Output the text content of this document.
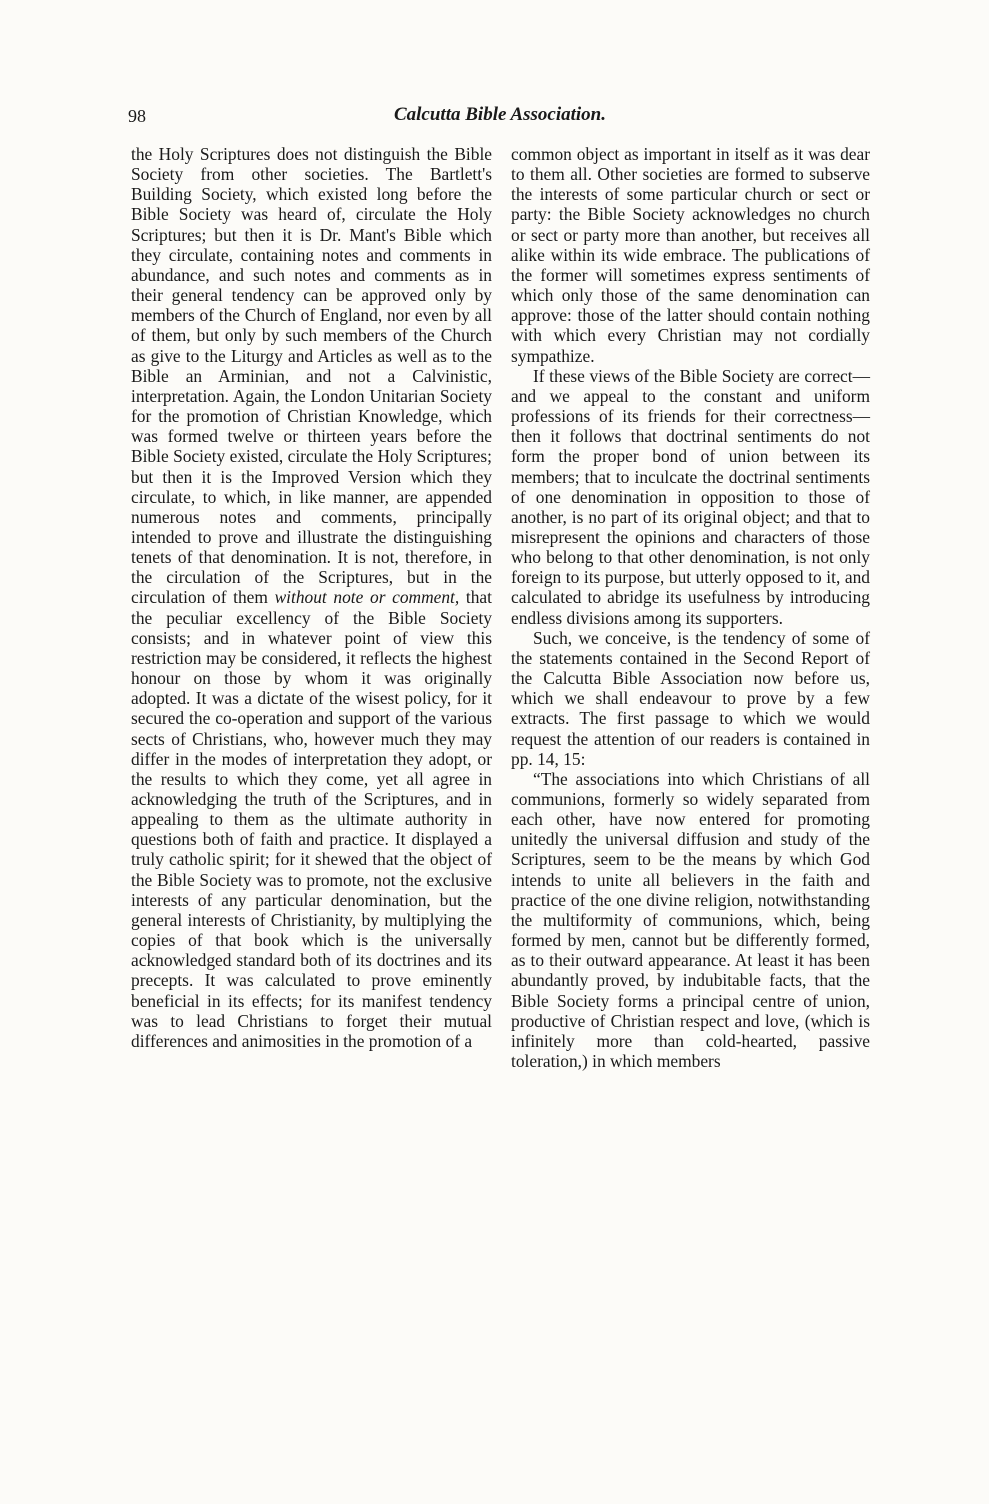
98	Calcutta Bible Association.

the Holy Scriptures does not distinguish the Bible Society from other societies. The Bartlett's Building Society, which existed long before the Bible Society was heard of, circulate the Holy Scriptures; but then it is Dr. Mant's Bible which they circulate, containing notes and comments in abundance, and such notes and comments as in their general tendency can be approved only by members of the Church of England, nor even by all of them, but only by such members of the Church as give to the Liturgy and Articles as well as to the Bible an Arminian, and not a Calvinistic, interpretation. Again, the London Unitarian Society for the promotion of Christian Knowledge, which was formed twelve or thirteen years before the Bible Society existed, circulate the Holy Scriptures; but then it is the Improved Version which they circulate, to which, in like manner, are appended numerous notes and comments, principally intended to prove and illustrate the distinguishing tenets of that denomination. It is not, therefore, in the circulation of the Scriptures, but in the circulation of them without note or comment, that the peculiar excellency of the Bible Society consists; and in whatever point of view this restriction may be considered, it reflects the highest honour on those by whom it was originally adopted. It was a dictate of the wisest policy, for it secured the co-operation and support of the various sects of Christians, who, however much they may differ in the modes of interpretation they adopt, or the results to which they come, yet all agree in acknowledging the truth of the Scriptures, and in appealing to them as the ultimate authority in questions both of faith and practice. It displayed a truly catholic spirit; for it shewed that the object of the Bible Society was to promote, not the exclusive interests of any particular denomination, but the general interests of Christianity, by multiplying the copies of that book which is the universally acknowledged standard both of its doctrines and its precepts. It was calculated to prove eminently beneficial in its effects; for its manifest tendency was to lead Christians to forget their mutual differences and animosities in the promotion of a

common object as important in itself as it was dear to them all. Other societies are formed to subserve the interests of some particular church or sect or party: the Bible Society acknowledges no church or sect or party more than another, but receives all alike within its wide embrace. The publications of the former will sometimes express sentiments of which only those of the same denomination can approve: those of the latter should contain nothing with which every Christian may not cordially sympathize.

If these views of the Bible Society are correct—and we appeal to the constant and uniform professions of its friends for their correctness—then it follows that doctrinal sentiments do not form the proper bond of union between its members; that to inculcate the doctrinal sentiments of one denomination in opposition to those of another, is no part of its original object; and that to misrepresent the opinions and characters of those who belong to that other denomination, is not only foreign to its purpose, but utterly opposed to it, and calculated to abridge its usefulness by introducing endless divisions among its supporters.

Such, we conceive, is the tendency of some of the statements contained in the Second Report of the Calcutta Bible Association now before us, which we shall endeavour to prove by a few extracts. The first passage to which we would request the attention of our readers is contained in pp. 14, 15:

“The associations into which Christians of all communions, formerly so widely separated from each other, have now entered for promoting unitedly the universal diffusion and study of the Scriptures, seem to be the means by which God intends to unite all believers in the faith and practice of the one divine religion, notwithstanding the multiformity of communions, which, being formed by men, cannot but be differently formed, as to their outward appearance. At least it has been abundantly proved, by indubitable facts, that the Bible Society forms a principal centre of union, productive of Christian respect and love, (which is infinitely more than cold-hearted, passive toleration,) in which members
